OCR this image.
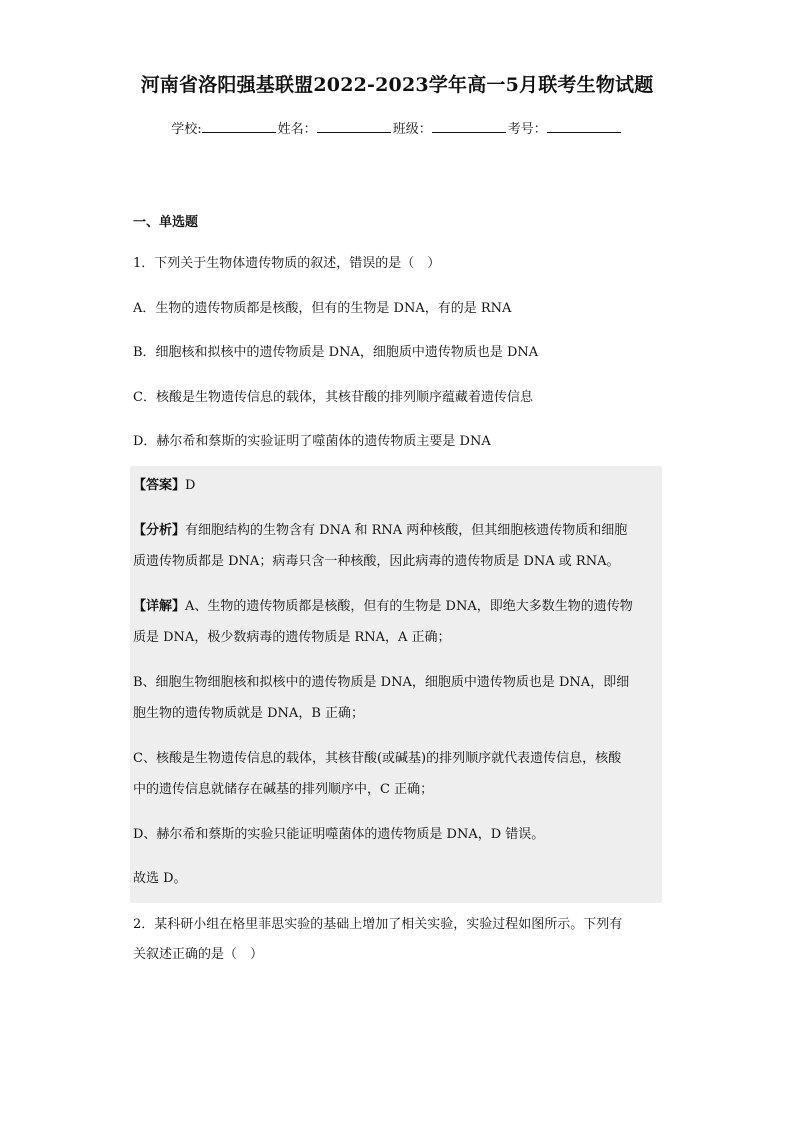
河南省洛阳强基联盟2022-2023学年高一5月联考生物试题
学校:	姓名：	班级：	考号：
一、单选题
1．下列关于生物体遗传物质的叙述，错误的是（　）
A．生物的遗传物质都是核酸，但有的生物是 DNA，有的是 RNA
B．细胞核和拟核中的遗传物质是 DNA，细胞质中遗传物质也是 DNA
C．核酸是生物遗传信息的载体，其核苷酸的排列顺序蕴藏着遗传信息
D．赫尔希和蔡斯的实验证明了噬菌体的遗传物质主要是 DNA
【答案】D
【分析】有细胞结构的生物含有 DNA 和 RNA 两种核酸，但其细胞核遗传物质和细胞
质遗传物质都是 DNA；病毒只含一种核酸，因此病毒的遗传物质是 DNA 或 RNA。
【详解】A、生物的遗传物质都是核酸，但有的生物是 DNA，即绝大多数生物的遗传物
质是 DNA，极少数病毒的遗传物质是 RNA，A 正确；
B、细胞生物细胞核和拟核中的遗传物质是 DNA，细胞质中遗传物质也是 DNA，即细
胞生物的遗传物质就是 DNA，B 正确；
C、核酸是生物遗传信息的载体，其核苷酸(或碱基)的排列顺序就代表遗传信息，核酸
中的遗传信息就储存在碱基的排列顺序中，C 正确；
D、赫尔希和蔡斯的实验只能证明噬菌体的遗传物质是 DNA，D 错误。
故选 D。
2．某科研小组在格里菲思实验的基础上增加了相关实验，实验过程如图所示。下列有
关叙述正确的是（　）
